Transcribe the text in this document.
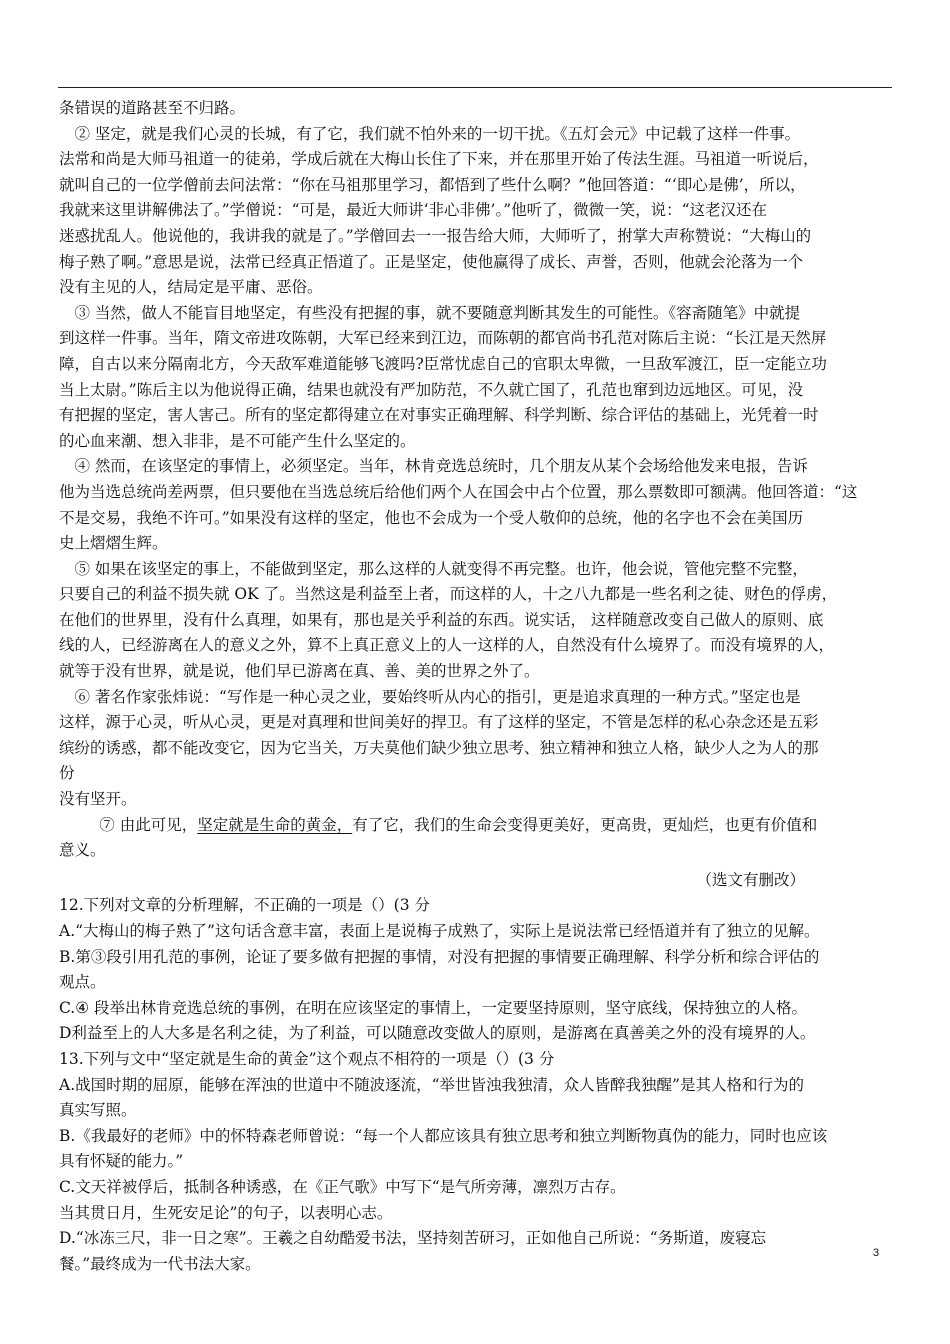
条错误的道路甚至不归路。
② 坚定，就是我们心灵的长城，有了它，我们就不怕外来的一切干扰。《五灯会元》中记载了这样一件事。
法常和尚是大师马祖道一的徒弟，学成后就在大梅山长住了下来，并在那里开始了传法生涯。马祖道一听说后，
就叫自己的一位学僧前去问法常：“你在马祖那里学习，都悟到了些什么啊？”他回答道：“‘即心是佛’，所以，
我就来这里讲解佛法了。”学僧说：“可是，最近大师讲‘非心非佛’。”他听了，微微一笑，说：“这老汉还在
迷惑扰乱人。他说他的，我讲我的就是了。”学僧回去一一报告给大师，大师听了，拊掌大声称赞说：“大梅山的
梅子熟了啊。”意思是说，法常已经真正悟道了。正是坚定，使他赢得了成长、声誉，否则，他就会沦落为一个
没有主见的人，结局定是平庸、恶俗。
③ 当然，做人不能盲目地坚定，有些没有把握的事，就不要随意判断其发生的可能性。《容斋随笔》中就提
到这样一件事。当年，隋文帝进攻陈朝，大军已经来到江边，而陈朝的都官尚书孔范对陈后主说：“长江是天然屏
障，自古以来分隔南北方，今天敌军难道能够飞渡吗?臣常忧虑自己的官职太卑微，一旦敌军渡江，臣一定能立功
当上太尉。”陈后主以为他说得正确，结果也就没有严加防范，不久就亡国了，孔范也窜到边远地区。可见，没
有把握的坚定，害人害己。所有的坚定都得建立在对事实正确理解、科学判断、综合评估的基础上，光凭着一时
的心血来潮、想入非非，是不可能产生什么坚定的。
④ 然而，在该坚定的事情上，必须坚定。当年，林肯竞选总统时，几个朋友从某个会场给他发来电报，告诉
他为当选总统尚差两票，但只要他在当选总统后给他们两个人在国会中占个位置，那么票数即可额满。他回答道：“这
不是交易，我绝不许可。”如果没有这样的坚定，他也不会成为一个受人敬仰的总统，他的名字也不会在美国历
史上熠熠生辉。
⑤ 如果在该坚定的事上，不能做到坚定，那么这样的人就变得不再完整。也许，他会说，管他完整不完整，
只要自己的利益不损失就 OK 了。当然这是利益至上者，而这样的人，十之八九都是一些名利之徒、财色的俘虏，
在他们的世界里，没有什么真理，如果有，那也是关乎利益的东西。说实话， 这样随意改变自己做人的原则、底
线的人，已经游离在人的意义之外，算不上真正意义上的人一这样的人，自然没有什么境界了。而没有境界的人，
就等于没有世界，就是说，他们早已游离在真、善、美的世界之外了。
⑥ 著名作家张炜说：“写作是一种心灵之业，要始终听从内心的指引，更是追求真理的一种方式。”坚定也是
这样，源于心灵，听从心灵，更是对真理和世间美好的捍卫。有了这样的坚定，不管是怎样的私心杂念还是五彩
缤纷的诱惑，都不能改变它，因为它当关，万夫莫他们缺少独立思考、独立精神和独立人格，缺少人之为人的那
份
没有坚开。
⑦ 由此可见，坚定就是生命的黄金，有了它，我们的生命会变得更美好，更高贵，更灿烂，也更有价值和
意义。
（选文有删改）
12.下列对文章的分析理解，不正确的一项是（）(3 分
A.“大梅山的梅子熟了”这句话含意丰富，表面上是说梅子成熟了，实际上是说法常已经悟道并有了独立的见解。
B.第③段引用孔范的事例，论证了要多做有把握的事情，对没有把握的事情要正确理解、科学分析和综合评估的
观点。
C.④ 段举出林肯竞选总统的事例，在明在应该坚定的事情上，一定要坚持原则，坚守底线，保持独立的人格。
D利益至上的人大多是名利之徒，为了利益，可以随意改变做人的原则，是游离在真善美之外的没有境界的人。
13.下列与文中“坚定就是生命的黄金”这个观点不相符的一项是（）(3 分
A.战国时期的屈原，能够在浑浊的世道中不随波逐流，“举世皆浊我独清，众人皆醉我独醒”是其人格和行为的
真实写照。
B.《我最好的老师》中的怀特森老师曾说：“每一个人都应该具有独立思考和独立判断物真伪的能力，同时也应该
具有怀疑的能力。”
C.文天祥被俘后，抵制各种诱惑，在《正气歌》中写下“是气所旁薄，凛烈万古存。
当其贯日月，生死安足论”的句子，以表明心志。
D.“冰冻三尺，非一日之寒”。王羲之自幼酷爱书法，坚持刻苦研习，正如他自己所说：“务斯道，废寝忘
餐。”最终成为一代书法大家。
3
